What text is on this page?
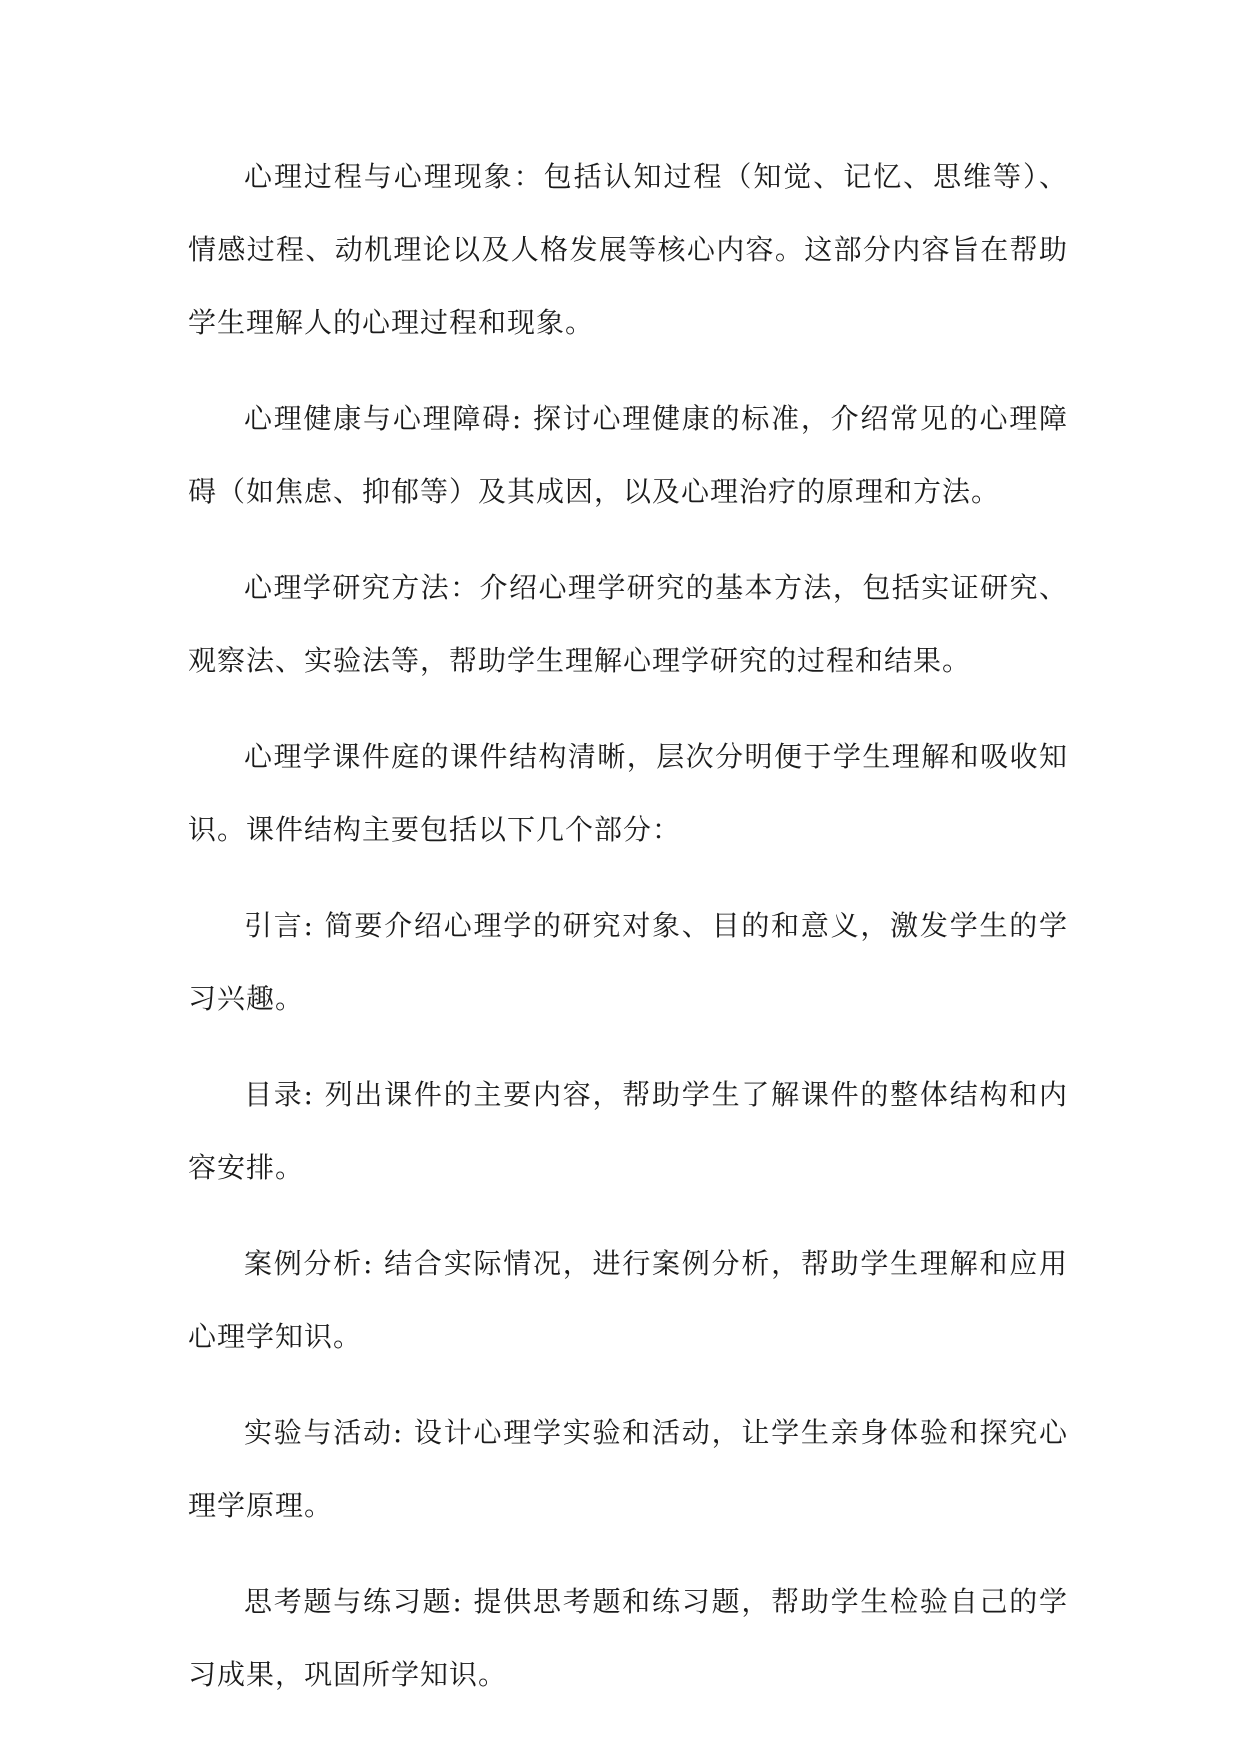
心理过程与心理现象：包括认知过程（知觉、记忆、思维等）、情感过程、动机理论以及人格发展等核心内容。这部分内容旨在帮助学生理解人的心理过程和现象。

心理健康与心理障碍: 探讨心理健康的标准，介绍常见的心理障碍（如焦虑、抑郁等）及其成因，以及心理治疗的原理和方法。

心理学研究方法：介绍心理学研究的基本方法，包括实证研究、观察法、实验法等，帮助学生理解心理学研究的过程和结果。

心理学课件庭的课件结构清晰，层次分明便于学生理解和吸收知识。课件结构主要包括以下几个部分：

引言: 简要介绍心理学的研究对象、目的和意义，激发学生的学习兴趣。

目录: 列出课件的主要内容，帮助学生了解课件的整体结构和内容安排。

案例分析: 结合实际情况，进行案例分析，帮助学生理解和应用心理学知识。

实验与活动: 设计心理学实验和活动，让学生亲身体验和探究心理学原理。

思考题与练习题: 提供思考题和练习题，帮助学生检验自己的学习成果，巩固所学知识。
